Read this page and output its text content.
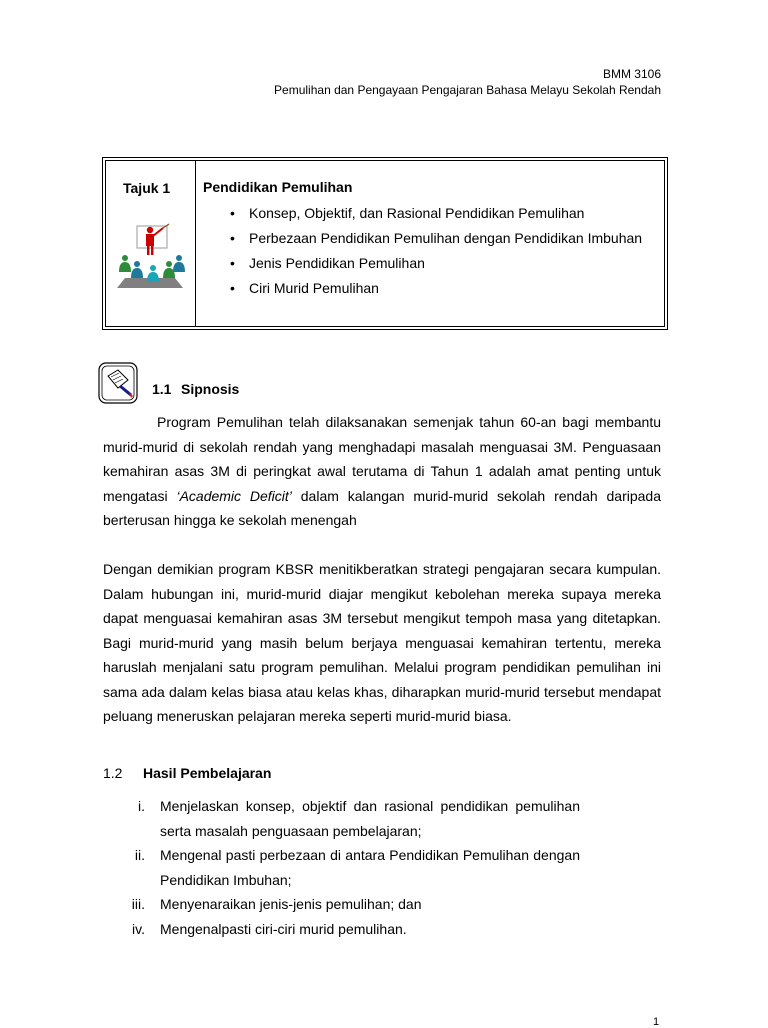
BMM 3106
Pemulihan dan Pengayaan Pengajaran Bahasa Melayu Sekolah Rendah
Tajuk 1 Pendidikan Pemulihan
• Konsep, Objektif, dan Rasional Pendidikan Pemulihan
• Perbezaan Pendidikan Pemulihan dengan Pendidikan Imbuhan
• Jenis Pendidikan Pemulihan
• Ciri Murid Pemulihan
1.1 Sipnosis

Program Pemulihan telah dilaksanakan semenjak tahun 60-an bagi membantu murid-murid di sekolah rendah yang menghadapi masalah menguasai 3M. Penguasaan kemahiran asas 3M di peringkat awal terutama di Tahun 1 adalah amat penting untuk mengatasi ‘Academic Deficit’ dalam kalangan murid-murid sekolah rendah daripada berterusan hingga ke sekolah menengah

Dengan demikian program KBSR menitikberatkan strategi pengajaran secara kumpulan. Dalam hubungan ini, murid-murid diajar mengikut kebolehan mereka supaya mereka dapat menguasai kemahiran asas 3M tersebut mengikut tempoh masa yang ditetapkan. Bagi murid-murid yang masih belum berjaya menguasai kemahiran tertentu, mereka haruslah menjalani satu program pemulihan. Melalui program pendidikan pemulihan ini sama ada dalam kelas biasa atau kelas khas, diharapkan murid-murid tersebut mendapat peluang meneruskan pelajaran mereka seperti murid-murid biasa.

1.2 Hasil Pembelajaran
i. Menjelaskan konsep, objektif dan rasional pendidikan pemulihan serta masalah penguasaan pembelajaran;
ii. Mengenal pasti perbezaan di antara Pendidikan Pemulihan dengan Pendidikan Imbuhan;
iii. Menyenaraikan jenis-jenis pemulihan; dan
iv. Mengenalpasti ciri-ciri murid pemulihan.
1
